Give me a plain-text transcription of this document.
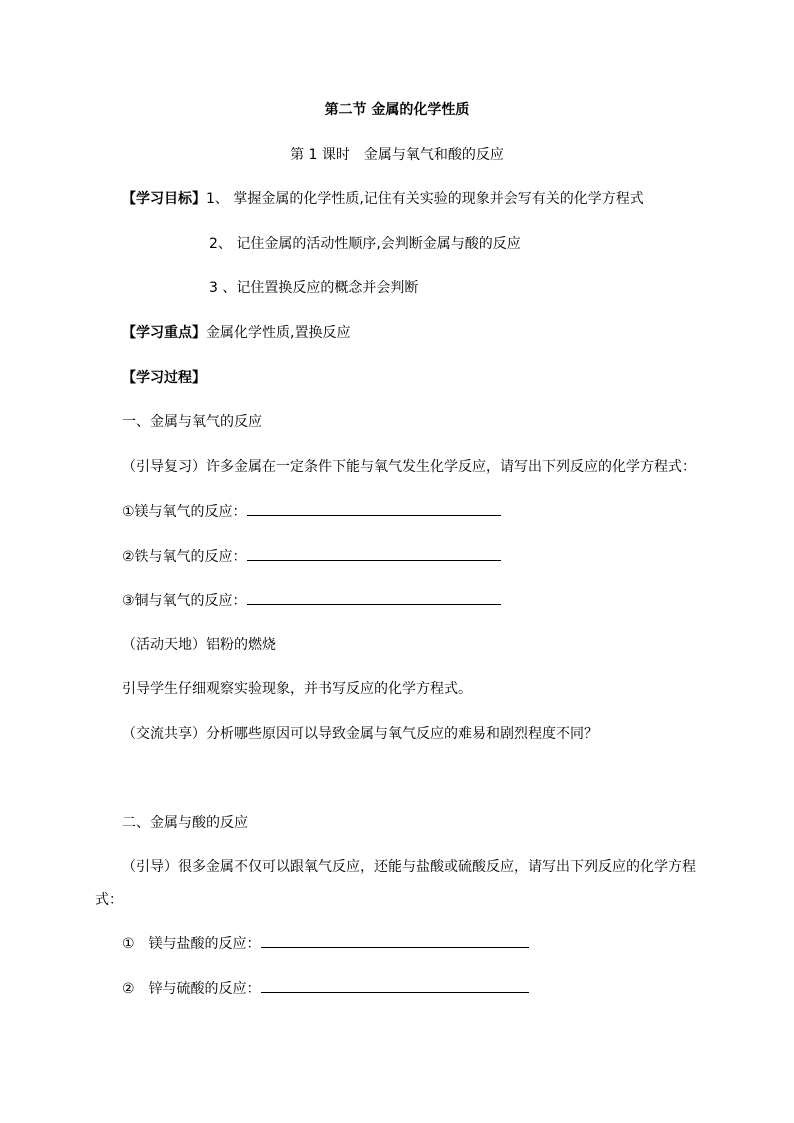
第二节 金属的化学性质
第 1 课时　金属与氧气和酸的反应
【学习目标】1、 掌握金属的化学性质,记住有关实验的现象并会写有关的化学方程式
2、 记住金属的活动性顺序,会判断金属与酸的反应
3 、记住置换反应的概念并会判断
【学习重点】金属化学性质,置换反应
【学习过程】
一、金属与氧气的反应
（引导复习）许多金属在一定条件下能与氧气发生化学反应，请写出下列反应的化学方程式：
①镁与氧气的反应：
②铁与氧气的反应：
③铜与氧气的反应：
（活动天地）铝粉的燃烧
引导学生仔细观察实验现象，并书写反应的化学方程式。
（交流共享）分析哪些原因可以导致金属与氧气反应的难易和剧烈程度不同？
二、金属与酸的反应
（引导）很多金属不仅可以跟氧气反应，还能与盐酸或硫酸反应，请写出下列反应的化学方程
式：
① 镁与盐酸的反应：
② 锌与硫酸的反应：
